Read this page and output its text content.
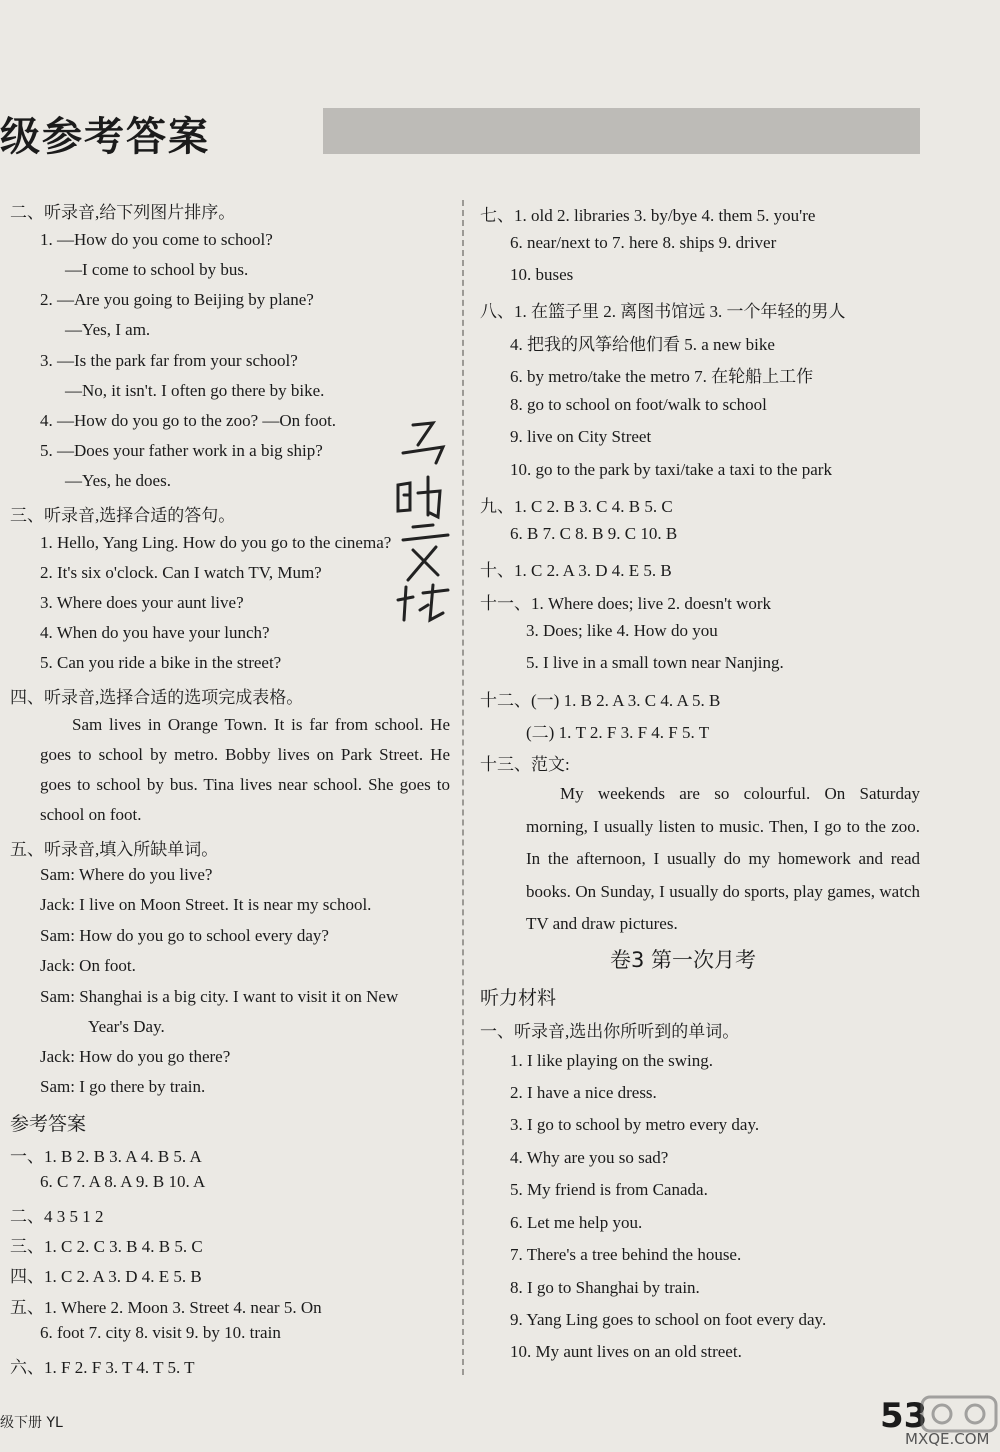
级参考答案
二、听录音,给下列图片排序。
1. —How do you come to school?
—I come to school by bus.
2. —Are you going to Beijing by plane?
—Yes, I am.
3. —Is the park far from your school?
—No, it isn't. I often go there by bike.
4. —How do you go to the zoo? —On foot.
5. —Does your father work in a big ship?
—Yes, he does.
三、听录音,选择合适的答句。
1. Hello, Yang Ling. How do you go to the cinema?
2. It's six o'clock. Can I watch TV, Mum?
3. Where does your aunt live?
4. When do you have your lunch?
5. Can you ride a bike in the street?
四、听录音,选择合适的选项完成表格。
Sam lives in Orange Town. It is far from school. He goes to school by metro. Bobby lives on Park Street. He goes to school by bus. Tina lives near school. She goes to school on foot.
五、听录音,填入所缺单词。
Sam: Where do you live?
Jack: I live on Moon Street. It is near my school.
Sam: How do you go to school every day?
Jack: On foot.
Sam: Shanghai is a big city. I want to visit it on New
Year's Day.
Jack: How do you go there?
Sam: I go there by train.
参考答案
一、1. B 2. B 3. A 4. B 5. A
6. C 7. A 8. A 9. B 10. A
二、4 3 5 1 2
三、1. C 2. C 3. B 4. B 5. C
四、1. C 2. A 3. D 4. E 5. B
五、1. Where 2. Moon 3. Street 4. near 5. On
6. foot 7. city 8. visit 9. by 10. train
六、1. F 2. F 3. T 4. T 5. T
七、1. old 2. libraries 3. by/bye 4. them 5. you're
6. near/next to 7. here 8. ships 9. driver
10. buses
八、1. 在篮子里 2. 离图书馆远 3. 一个年轻的男人
4. 把我的风筝给他们看 5. a new bike
6. by metro/take the metro 7. 在轮船上工作
8. go to school on foot/walk to school
9. live on City Street
10. go to the park by taxi/take a taxi to the park
九、1. C 2. B 3. C 4. B 5. C
6. B 7. C 8. B 9. C 10. B
十、1. C 2. A 3. D 4. E 5. B
十一、1. Where does; live 2. doesn't work
3. Does; like 4. How do you
5. I live in a small town near Nanjing.
十二、(一) 1. B 2. A 3. C 4. A 5. B
(二) 1. T 2. F 3. F 4. F 5. T
十三、范文:
My weekends are so colourful. On Saturday morning, I usually listen to music. Then, I go to the zoo. In the afternoon, I usually do my homework and read books. On Sunday, I usually do sports, play games, watch TV and draw pictures.
听力材料
一、听录音,选出你所听到的单词。
1. I like playing on the swing.
2. I have a nice dress.
3. I go to school by metro every day.
4. Why are you so sad?
5. My friend is from Canada.
6. Let me help you.
7. There's a tree behind the house.
8. I go to Shanghai by train.
9. Yang Ling goes to school on foot every day.
10. My aunt lives on an old street.
卷3 第一次月考
级下册 YL	53
MXQE.COM
